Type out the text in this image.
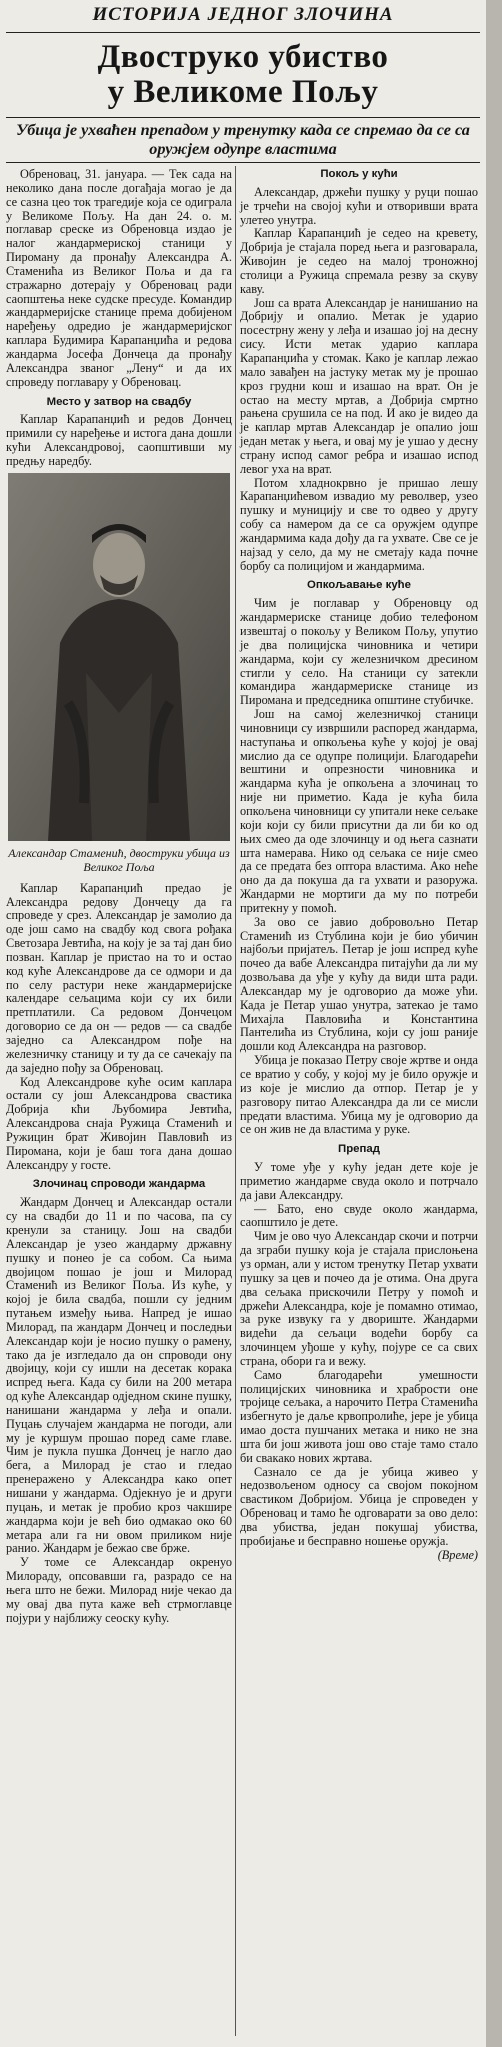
ИСТОРИЈА ЈЕДНОГ ЗЛОЧИНА
Двоструко убиство
у Великоме Пољу
Убица је ухваћен препадом у тренутку када се спремао да се са оружјем одупре властима

Обреновац, 31. јануара. — Тек сада на неколико дана после догађаја могао је да се сазна цео ток трагедије која се одиграла у Великоме Пољу. На дан 24. о. м. поглавар среске из Обреновца издао је налог жандармериској станици у Пироману да пронађу Александра А. Стаменића из Великог Поља и да га стражарно дотерају у Обреновац ради саопштења неке судске пресуде. Командир жандармеријске станице према добијеном наређењу одредио је жандармеријског каплара Будимира Карапанџића и редова жандарма Јосефа Дончеца да пронађу Александра званог „Лену“ и да их спроведу поглавару у Обреновац.

Место у затвор на свадбу

Каплар Карапанџић и редов Дончец примили су наређење и истога дана дошли кући Александровој, саопштивши му предњу наредбу.

Александар Стаменић, двоструки убица из Великог Поља

Каплар Карапанџић предао је Александра редову Дончецу да га спроведе у срез. Александар је замолио да оде још само на свадбу код свога рођака Светозара Јевтића, на коју је за тај дан био позван. Каплар је пристао на то и остао код куће Александрове да се одмори и да по селу растури неке жандармеријске календаре сељацима који су их били претплатили. Са редовом Дончецом договорио се да он — редов — са свадбе заједно са Александром пође на железничку станицу и ту да се сачекају па да заједно пођу за Обреновац.

Код Александрове куће осим каплара остали су још Александрова свастика Добрија кћи Љубомира Јевтића, Александрова снаја Ружица Стаменић и Ружицин брат Живојин Павловић из Пиромана, који је баш тога дана дошао Александру у госте.

Злочинац спроводи жандарма

Жандарм Дончец и Александар остали су на свадби до 11 и по часова, па су кренули за станицу. Још на свадби Александар је узео жандарму државну пушку и понео је са собом. Са њима двојицом пошао је још и Милорад Стаменић из Великог Поља. Из куће, у којој је била свадба, пошли су једним путањем између њива. Напред је ишао Милорад, па жандарм Дончец и последњи Александар који је носио пушку о рамену, тако да је изгледало да он спроводи ону двојицу, који су ишли на десетак корака испред њега. Када су били на 200 метара од куће Александар одједном скине пушку, нанишани жандарма у леђа и опали. Пуцањ случајем жандарма не погоди, али му је куршум прошао поред саме главе. Чим је пукла пушка Дончец је нагло дао бега, а Милорад је стао и гледао пренеражено у Александра како опет нишани у жандарма. Одјекнуо је и други пуцањ, и метак је пробио кроз чакшире жандарма који је већ био одмакао око 60 метара али га ни овом приликом није ранио. Жандарм је бежао све брже.

У томе се Александар окренуо Милораду, опсовавши га, разрадо се на њега што не бежи. Милорад није чекао да му овај два пута каже већ стрмоглавце појури у најближу сеоску кућу.

Покољ у кући

Александар, држећи пушку у руци пошао је трчећи на својој кући и отворивши врата улетео унутра.

Каплар Карапанџић је седео на кревету, Добрија је стајала поред њега и разговарала, Живојин је седео на малој троножној столици а Ружица спремала резву за скуву каву.

Још са врата Александар је нанишанио на Добрију и опалио. Метак је ударио посестрну жену у леђа и изашао јој на десну сису. Исти метак ударио каплара Карапанџића у стомак. Како је каплар лежао мало завађен на јастуку метак му је прошао кроз грудни кош и изашао на врат. Он је остао на месту мртав, а Добрија смртно рањена срушила се на под. И ако је видео да је каплар мртав Александар је опалио још један метак у њега, и овај му је ушао у десну страну испод самог ребра и изашао испод левог уха на врат.

Потом хладнокрвно је пришао лешу Карапанџићевом извадио му револвер, узео пушку и муницију и све то одвео у другу собу са намером да се са оружјем одупре жандармима када дођу да га ухвате. Све се је најзад у село, да му не сметају када почне борбу са полицијом и жандармима.

Опкољавање куће

Чим је поглавар у Обреновцу од жандармериске станице добио телефоном извештај о покољу у Великом Пољу, упутио је два полицијска чиновника и четири жандарма, који су железничком дресином стигли у село. На станици су затекли командира жандармериске станице из Пиромана и председника општине стубичке.

Још на самој железничкој станици чиновници су извршили распоред жандарма, наступања и опкољења куће у којој је овај мислио да се одупре полицији. Благодарећи вештини и опрезности чиновника и жандарма кућа је опкољена а злочинац то није ни приметио. Када је кућа била опкољена чиновници су упитали неке сељаке који који су били присутни да ли би ко од њих смео да оде злочинцу и од њега сазнати шта намерава. Нико од сељака се није смео да се предата без оптора властима. Ако неће оно да да покуша да га ухвати и разоружа. Жандарми не мортиги да му по потреби притекну у помоћ.

За ово се јавио добровољно Петар Стаменић из Стублина који је био убичин најбољи пријатељ. Петар је још испред куће почео да вабе Александра питајући да ли му дозвољава да уђе у кућу да види шта ради. Александар му је одговорио да може ући. Када је Петар ушао унутра, затекао је тамо Михајла Павловића и Константина Пантелића из Стублина, који су још раније дошли код Александра на разговор.

Убица је показао Петру своје жртве и онда се вратио у собу, у којој му је било оружје и из које је мислио да отпор. Петар је у разговору питао Александра да ли се мисли предати властима. Убица му је одговорио да се он жив не да властима у руке.

Препад

У томе уђе у кућу један дете које је приметио жандарме свуда около и потрчало да јави Александру.

— Бато, ено свуде около жандарма, саопштило је дете.

Чим је ово чуо Александар скочи и потрчи да зграби пушку која је стајала прислоњена уз орман, али у истом тренутку Петар ухвати пушку за цев и почео да је отима. Она друга два сељака прискочили Петру у помоћ и држећи Александра, које је помамно отимао, за руке извуку га у двориште. Жандарми видећи да сељаци водећи борбу са злочинцем уђоше у кућу, појуре се са свих страна, обори га и вежу.

Само благодарећи умешности полицијских чиновника и храбрости оне тројице сељака, а нарочито Петра Стаменића избегнуто је даље крвопролиће, јере је убица имао доста пушчаних метака и нико не зна шта би још живота још ово стаје тамо стало би свакако нових жртава.

Сазнало се да је убица живео у недозвољеном односу са својом покојном свастиком Добријом. Убица је спроведен у Обреновац и тамо ће одговарати за ово дело: два убиства, један покушај убиства, пробијање и бесправно ношење оружја.

(Време)
